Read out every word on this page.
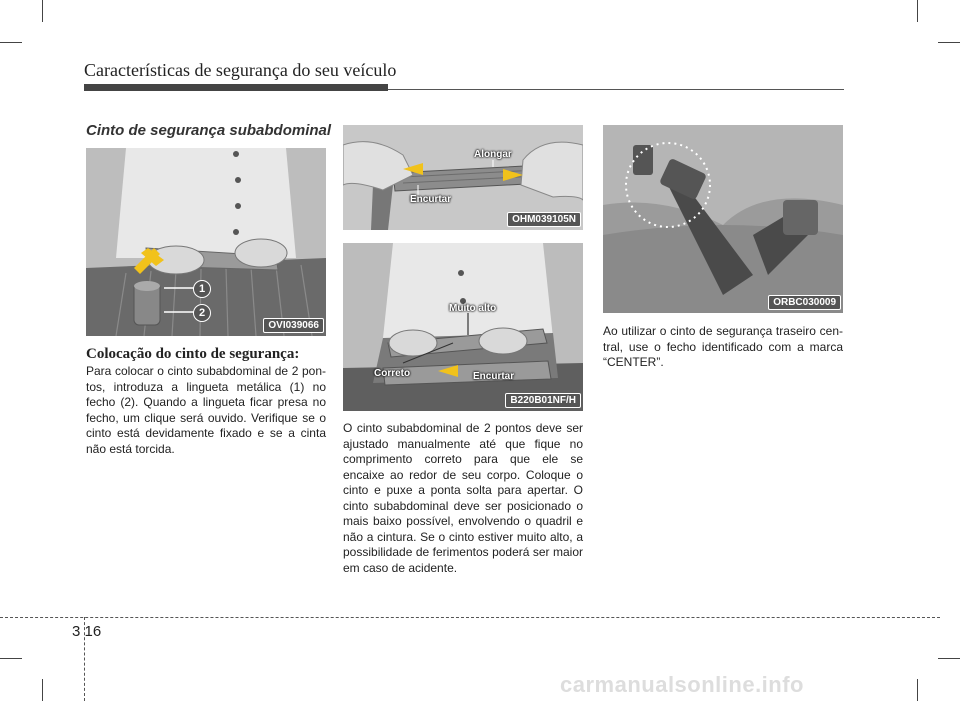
Características de segurança do seu veículo
Cinto de segurança subabdominal
1
2
OVI039066
Colocação do cinto de segurança:
Para colocar o cinto subabdominal de 2 pontos, introduza a lingueta metálica (1) no fecho (2). Quando a lingueta ficar presa no fecho, um clique será ouvido. Verifique se o cinto está devidamente fixado e se a cinta não está torcida.
Alongar
Encurtar
OHM039105N
Muito alto
Correto	Encurtar
B220B01NF/H
O cinto subabdominal de 2 pontos deve ser ajustado manualmente até que fique no comprimento correto para que ele se encaixe ao redor de seu corpo. Coloque o cinto e puxe a ponta solta para apertar. O cinto subabdominal deve ser posicionado o mais baixo possível, envolvendo o quadril e não a cintura. Se o cinto estiver muito alto, a possibilidade de ferimentos poderá ser maior em caso de acidente.
ORBC030009
Ao utilizar o cinto de segurança traseiro central, use o fecho identificado com a marca “CENTER”.
3 16
carmanualsonline.info
